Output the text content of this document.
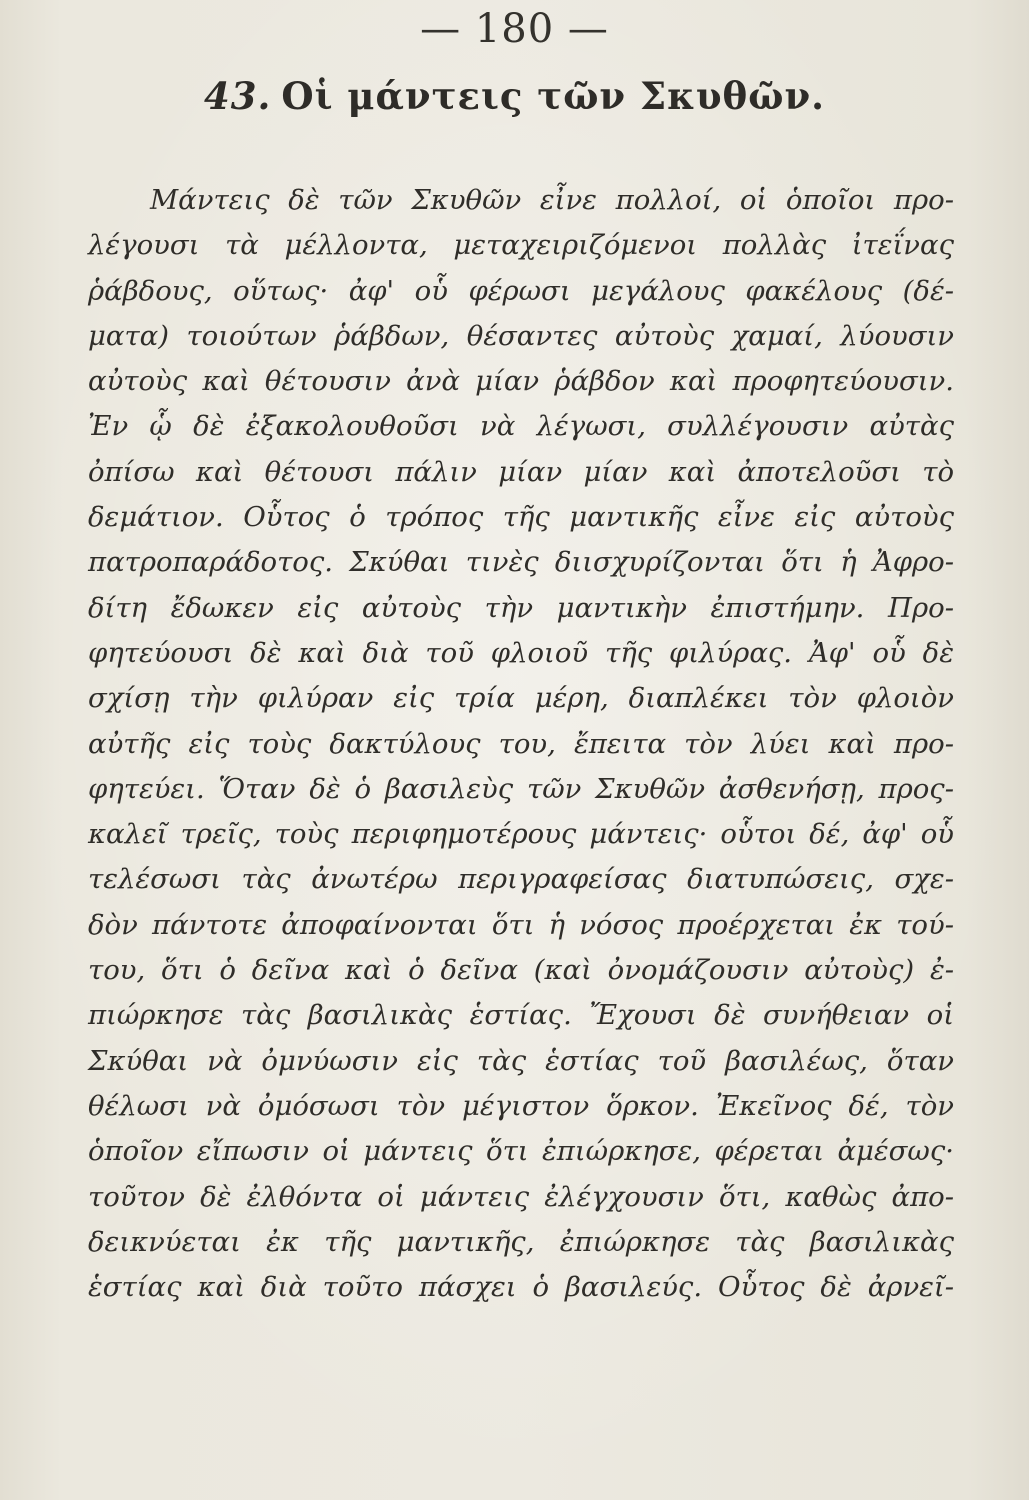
— 180 —
43. Οἱ μάντεις τῶν Σκυθῶν.
Μάντεις δὲ τῶν Σκυθῶν εἶνε πολλοί, οἱ ὁποῖοι προ-
λέγουσι τὰ μέλλοντα, μεταχειριζόμενοι πολλὰς ἰτεΐνας
ῥάβδους, οὕτως· ἀφ' οὗ φέρωσι μεγάλους φακέλους (δέ-
ματα) τοιούτων ῥάβδων, θέσαντες αὐτοὺς χαμαί, λύουσιν
αὐτοὺς καὶ θέτουσιν ἀνὰ μίαν ῥάβδον καὶ προφητεύουσιν.
Ἐν ᾧ δὲ ἐξακολουθοῦσι νὰ λέγωσι, συλλέγουσιν αὐτὰς
ὀπίσω καὶ θέτουσι πάλιν μίαν μίαν καὶ ἀποτελοῦσι τὸ
δεμάτιον. Οὗτος ὁ τρόπος τῆς μαντικῆς εἶνε εἰς αὐτοὺς
πατροπαράδοτος. Σκύθαι τινὲς διισχυρίζονται ὅτι ἡ Ἀφρο-
δίτη ἔδωκεν εἰς αὐτοὺς τὴν μαντικὴν ἐπιστήμην. Προ-
φητεύουσι δὲ καὶ διὰ τοῦ φλοιοῦ τῆς φιλύρας. Ἀφ' οὗ δὲ
σχίσῃ τὴν φιλύραν εἰς τρία μέρη, διαπλέκει τὸν φλοιὸν
αὐτῆς εἰς τοὺς δακτύλους του, ἔπειτα τὸν λύει καὶ προ-
φητεύει. Ὅταν δὲ ὁ βασιλεὺς τῶν Σκυθῶν ἀσθενήσῃ, προς-
καλεῖ τρεῖς, τοὺς περιφημοτέρους μάντεις· οὗτοι δέ, ἀφ' οὗ
τελέσωσι τὰς ἀνωτέρω περιγραφείσας διατυπώσεις, σχε-
δὸν πάντοτε ἀποφαίνονται ὅτι ἡ νόσος προέρχεται ἐκ τού-
του, ὅτι ὁ δεῖνα καὶ ὁ δεῖνα (καὶ ὀνομάζουσιν αὐτοὺς) ἐ-
πιώρκησε τὰς βασιλικὰς ἑστίας. Ἔχουσι δὲ συνήθειαν οἱ
Σκύθαι νὰ ὀμνύωσιν εἰς τὰς ἑστίας τοῦ βασιλέως, ὅταν
θέλωσι νὰ ὀμόσωσι τὸν μέγιστον ὅρκον. Ἐκεῖνος δέ, τὸν
ὁποῖον εἴπωσιν οἱ μάντεις ὅτι ἐπιώρκησε, φέρεται ἀμέσως·
τοῦτον δὲ ἐλθόντα οἱ μάντεις ἐλέγχουσιν ὅτι, καθὼς ἀπο-
δεικνύεται ἐκ τῆς μαντικῆς, ἐπιώρκησε τὰς βασιλικὰς
ἑστίας καὶ διὰ τοῦτο πάσχει ὁ βασιλεύς. Οὗτος δὲ ἀρνεῖ-
